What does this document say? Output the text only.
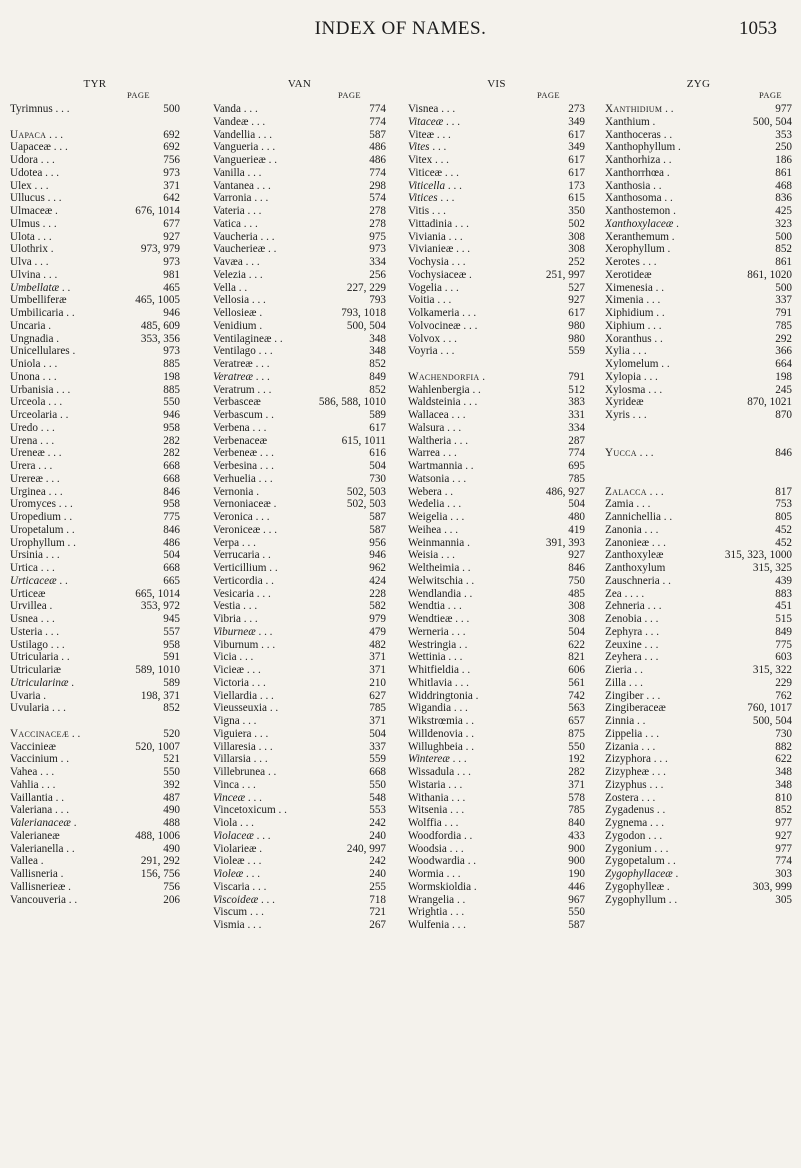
INDEX OF NAMES.	1053
TYR
PAGE
Tyrimnus . . .	500
Uapaca . . .	692
Uapaceæ . . .	692
Udora . . .	756
Udotea . . .	973
Ulex . . .	371
Ullucus . . .	642
Ulmaceæ .	676, 1014
Ulmus . . .	677
Ulota . . .	927
Ulothrix .	973, 979
Ulva . . .	973
Ulvina . . .	981
Umbellatæ . .	465
Umbelliferæ	465, 1005
Umbilicaria . .	946
Uncaria .	485, 609
Ungnadia .	353, 356
Unicellulares .	973
Uniola . . .	885
Unona . . .	198
Urbanisia . . .	885
Urceola . . .	550
Urceolaria . .	946
Uredo . . .	958
Urena . . .	282
Ureneæ . . .	282
Urera . . .	668
Urereæ . . .	668
Urginea . . .	846
Uromyces . . .	958
Uropedium . .	775
Uropetalum . .	846
Urophyllum . .	486
Ursinia . . .	504
Urtica . . .	668
Urticaceæ . .	665
Urticeæ	665, 1014
Urvillea .	353, 972
Usnea . . .	945
Usteria . . .	557
Ustilago . . .	958
Utricularia . .	591
Utriculariæ	589, 1010
Utricularinæ .	589
Uvaria .	198, 371
Uvularia . . .	852
Vaccinaceæ . .	520
Vaccinieæ	520, 1007
Vaccinium . .	521
Vahea . . .	550
Vahlia . . .	392
Vaillantia . .	487
Valeriana . . .	490
Valerianaceæ .	488
Valerianeæ	488, 1006
Valerianella . .	490
Vallea .	291, 292
Vallisneria .	156, 756
Vallisnerieæ .	756
Vancouveria . .	206
VAN
PAGE
Vanda . . .	774
Vandeæ . . .	774
Vandellia . . .	587
Vangueria . . .	486
Vanguerieæ . .	486
Vanilla . . .	774
Vantanea . . .	298
Varronia . . .	574
Vateria . . .	278
Vatica . . .	278
Vaucheria . . .	975
Vaucherieæ . .	973
Vavæa . . .	334
Velezia . . .	256
Vella . .	227, 229
Vellosia . . .	793
Vellosieæ .	793, 1018
Venidium .	500, 504
Ventilagineæ . .	348
Ventilago . . .	348
Veratreæ . . .	852
Veratreæ . . .	849
Veratrum . . .	852
Verbasceæ	586, 588, 1010
Verbascum . .	589
Verbena . . .	617
Verbenaceæ	615, 1011
Verbeneæ . . .	616
Verbesina . . .	504
Verhuelia . . .	730
Vernonia .	502, 503
Vernoniaceæ .	502, 503
Veronica . . .	587
Veroniceæ . . .	587
Verpa . . .	956
Verrucaria . .	946
Verticillium . .	962
Verticordia . .	424
Vesicaria . . .	228
Vestia . . .	582
Vibria . . .	979
Viburneæ . . .	479
Viburnum . . .	482
Vicia . . .	371
Vicieæ . . .	371
Victoria . . .	210
Viellardia . . .	627
Vieusseuxia . .	785
Vigna . . .	371
Viguiera . . .	504
Villaresia . . .	337
Villarsia . . .	559
Villebrunea . .	668
Vinca . . .	550
Vinceæ . . .	548
Vincetoxicum . .	553
Viola . . .	242
Violaceæ . . .	240
Violarieæ .	240, 997
Violeæ . . .	242
Violeæ . . .	240
Viscaria . . .	255
Viscoideæ . . .	718
Viscum . . .	721
Vismia . . .	267
VIS
PAGE
Visnea . . .	273
Vitaceæ . . .	349
Viteæ . . .	617
Vites . . .	349
Vitex . . .	617
Viticeæ . . .	617
Viticella . . .	173
Vitices . . .	615
Vitis . . .	350
Vittadinia . . .	502
Viviania . . .	308
Vivianieæ . . .	308
Vochysia . . .	252
Vochysiaceæ .	251, 997
Vogelia . . .	527
Voitia . . .	927
Volkameria . . .	617
Volvocineæ . . .	980
Volvox . . .	980
Voyria . . .	559
Wachendorfia .	791
Wahlenbergia . .	512
Waldsteinia . . .	383
Wallacea . . .	331
Walsura . . .	334
Waltheria . . .	287
Warrea . . .	774
Wartmannia . .	695
Watsonia . . .	785
Webera . .	486, 927
Wedelia . . .	504
Weigelia . . .	480
Weihea . . .	419
Weinmannia .	391, 393
Weisia . . .	927
Weltheimia . .	846
Welwitschia . .	750
Wendlandia . .	485
Wendtia . . .	308
Wendtieæ . . .	308
Werneria . . .	504
Westringia . .	622
Wettinia . . .	821
Whitfieldia . .	606
Whitlavia . . .	561
Widdringtonia .	742
Wigandia . . .	563
Wikstrœmia . .	657
Willdenovia . .	875
Willughbeia . .	550
Wintereæ . . .	192
Wissadula . . .	282
Wistaria . . .	371
Withania . . .	578
Witsenia . . .	785
Wolffia . . .	840
Woodfordia . .	433
Woodsia . . .	900
Woodwardia . .	900
Wormia . . .	190
Wormskioldia .	446
Wrangelia . .	967
Wrightia . . .	550
Wulfenia . . .	587
ZYG
PAGE
Xanthidium . .	977
Xanthium .	500, 504
Xanthoceras . .	353
Xanthophyllum .	250
Xanthorhiza . .	186
Xanthorrhœa .	861
Xanthosia . .	468
Xanthosoma . .	836
Xanthostemon .	425
Xanthoxylaceæ .	323
Xeranthemum .	500
Xerophyllum .	852
Xerotes . . .	861
Xerotideæ	861, 1020
Ximenesia . .	500
Ximenia . . .	337
Xiphidium . .	791
Xiphium . . .	785
Xoranthus . .	292
Xylia . . .	366
Xylomelum . .	664
Xylopia . . .	198
Xylosma . . .	245
Xyrideæ	870, 1021
Xyris . . .	870
Yucca . . .	846
Zalacca . . .	817
Zamia . . .	753
Zannichellia . .	805
Zanonia . . .	452
Zanonieæ . . .	452
Zanthoxyleæ	315, 323, 1000
Zanthoxylum	315, 325
Zauschneria . .	439
Zea . . . .	883
Zehneria . . .	451
Zenobia . . .	515
Zephyra . . .	849
Zeuxine . . .	775
Zeyhera . . .	603
Zieria . .	315, 322
Zilla . . .	229
Zingiber . . .	762
Zingiberaceæ	760, 1017
Zinnia . .	500, 504
Zippelia . . .	730
Zizania . . .	882
Zizyphora . . .	622
Zizypheæ . . .	348
Zizyphus . . .	348
Zostera . . .	810
Zygadenus . .	852
Zygnema . . .	977
Zygodon . . .	927
Zygonium . . .	977
Zygopetalum . .	774
Zygophyllaceæ .	303
Zygophylleæ .	303, 999
Zygophyllum . .	305
